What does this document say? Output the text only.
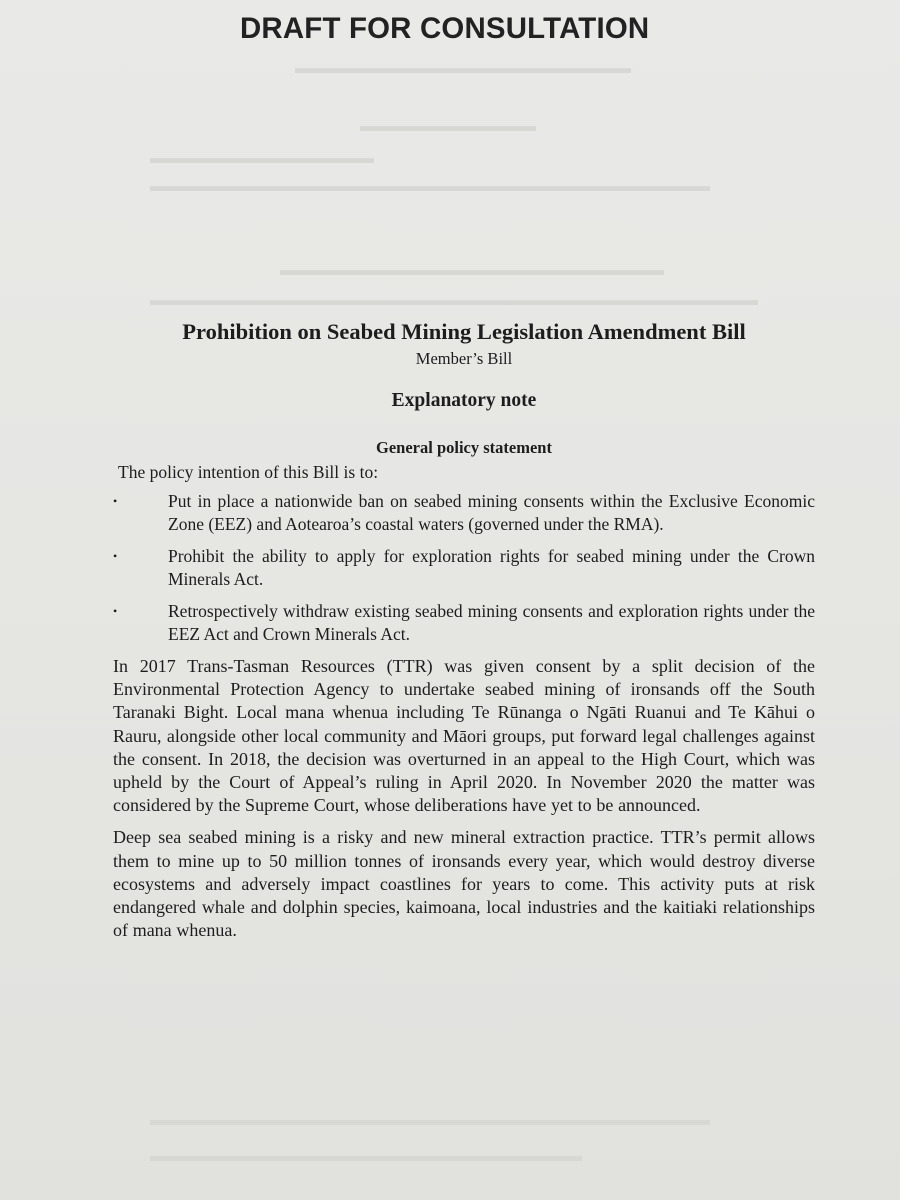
▬▬▬▬▬▬▬▬▬▬▬▬▬▬▬▬▬▬▬▬▬
▬▬▬▬▬▬▬▬▬▬▬
▬▬▬▬▬▬▬▬▬▬▬▬▬▬
▬▬▬▬▬▬▬▬▬▬▬▬▬▬▬▬▬▬▬▬▬▬▬▬▬▬▬▬▬▬▬▬▬▬▬
▬▬▬▬▬▬▬▬▬▬▬▬▬▬▬▬▬▬▬▬▬▬▬▬
▬▬▬▬▬▬▬▬▬▬▬▬▬▬▬▬▬▬▬▬▬▬▬▬▬▬▬▬▬▬▬▬▬▬▬▬▬▬
▬▬▬▬▬▬▬▬▬▬▬▬▬▬▬▬▬▬▬▬▬▬▬▬▬▬▬▬▬▬▬▬▬▬▬
▬▬▬▬▬▬▬▬▬▬▬▬▬▬▬▬▬▬▬▬▬▬▬▬▬▬▬
DRAFT FOR CONSULTATION
Prohibition on Seabed Mining Legislation Amendment Bill
Member’s Bill
Explanatory note
General policy statement
The policy intention of this Bill is to:
•	Put in place a nationwide ban on seabed mining consents within the Exclusive Economic Zone (EEZ) and Aotearoa’s coastal waters (governed under the RMA).
•	Prohibit the ability to apply for exploration rights for seabed mining under the Crown Minerals Act.
•	Retrospectively withdraw existing seabed mining consents and exploration rights under the EEZ Act and Crown Minerals Act.

In 2017 Trans-Tasman Resources (TTR) was given consent by a split decision of the Environmental Protection Agency to undertake seabed mining of ironsands off the South Taranaki Bight. Local mana whenua including Te Rūnanga o Ngāti Ruanui and Te Kāhui o Rauru, alongside other local community and Māori groups, put forward legal challenges against the consent. In 2018, the decision was overturned in an appeal to the High Court, which was upheld by the Court of Appeal’s ruling in April 2020. In November 2020 the matter was considered by the Supreme Court, whose deliberations have yet to be announced.

Deep sea seabed mining is a risky and new mineral extraction practice. TTR’s permit allows them to mine up to 50 million tonnes of ironsands every year, which would destroy diverse ecosystems and adversely impact coastlines for years to come. This activity puts at risk endangered whale and dolphin species, kaimoana, local industries and the kaitiaki relationships of mana whenua.
